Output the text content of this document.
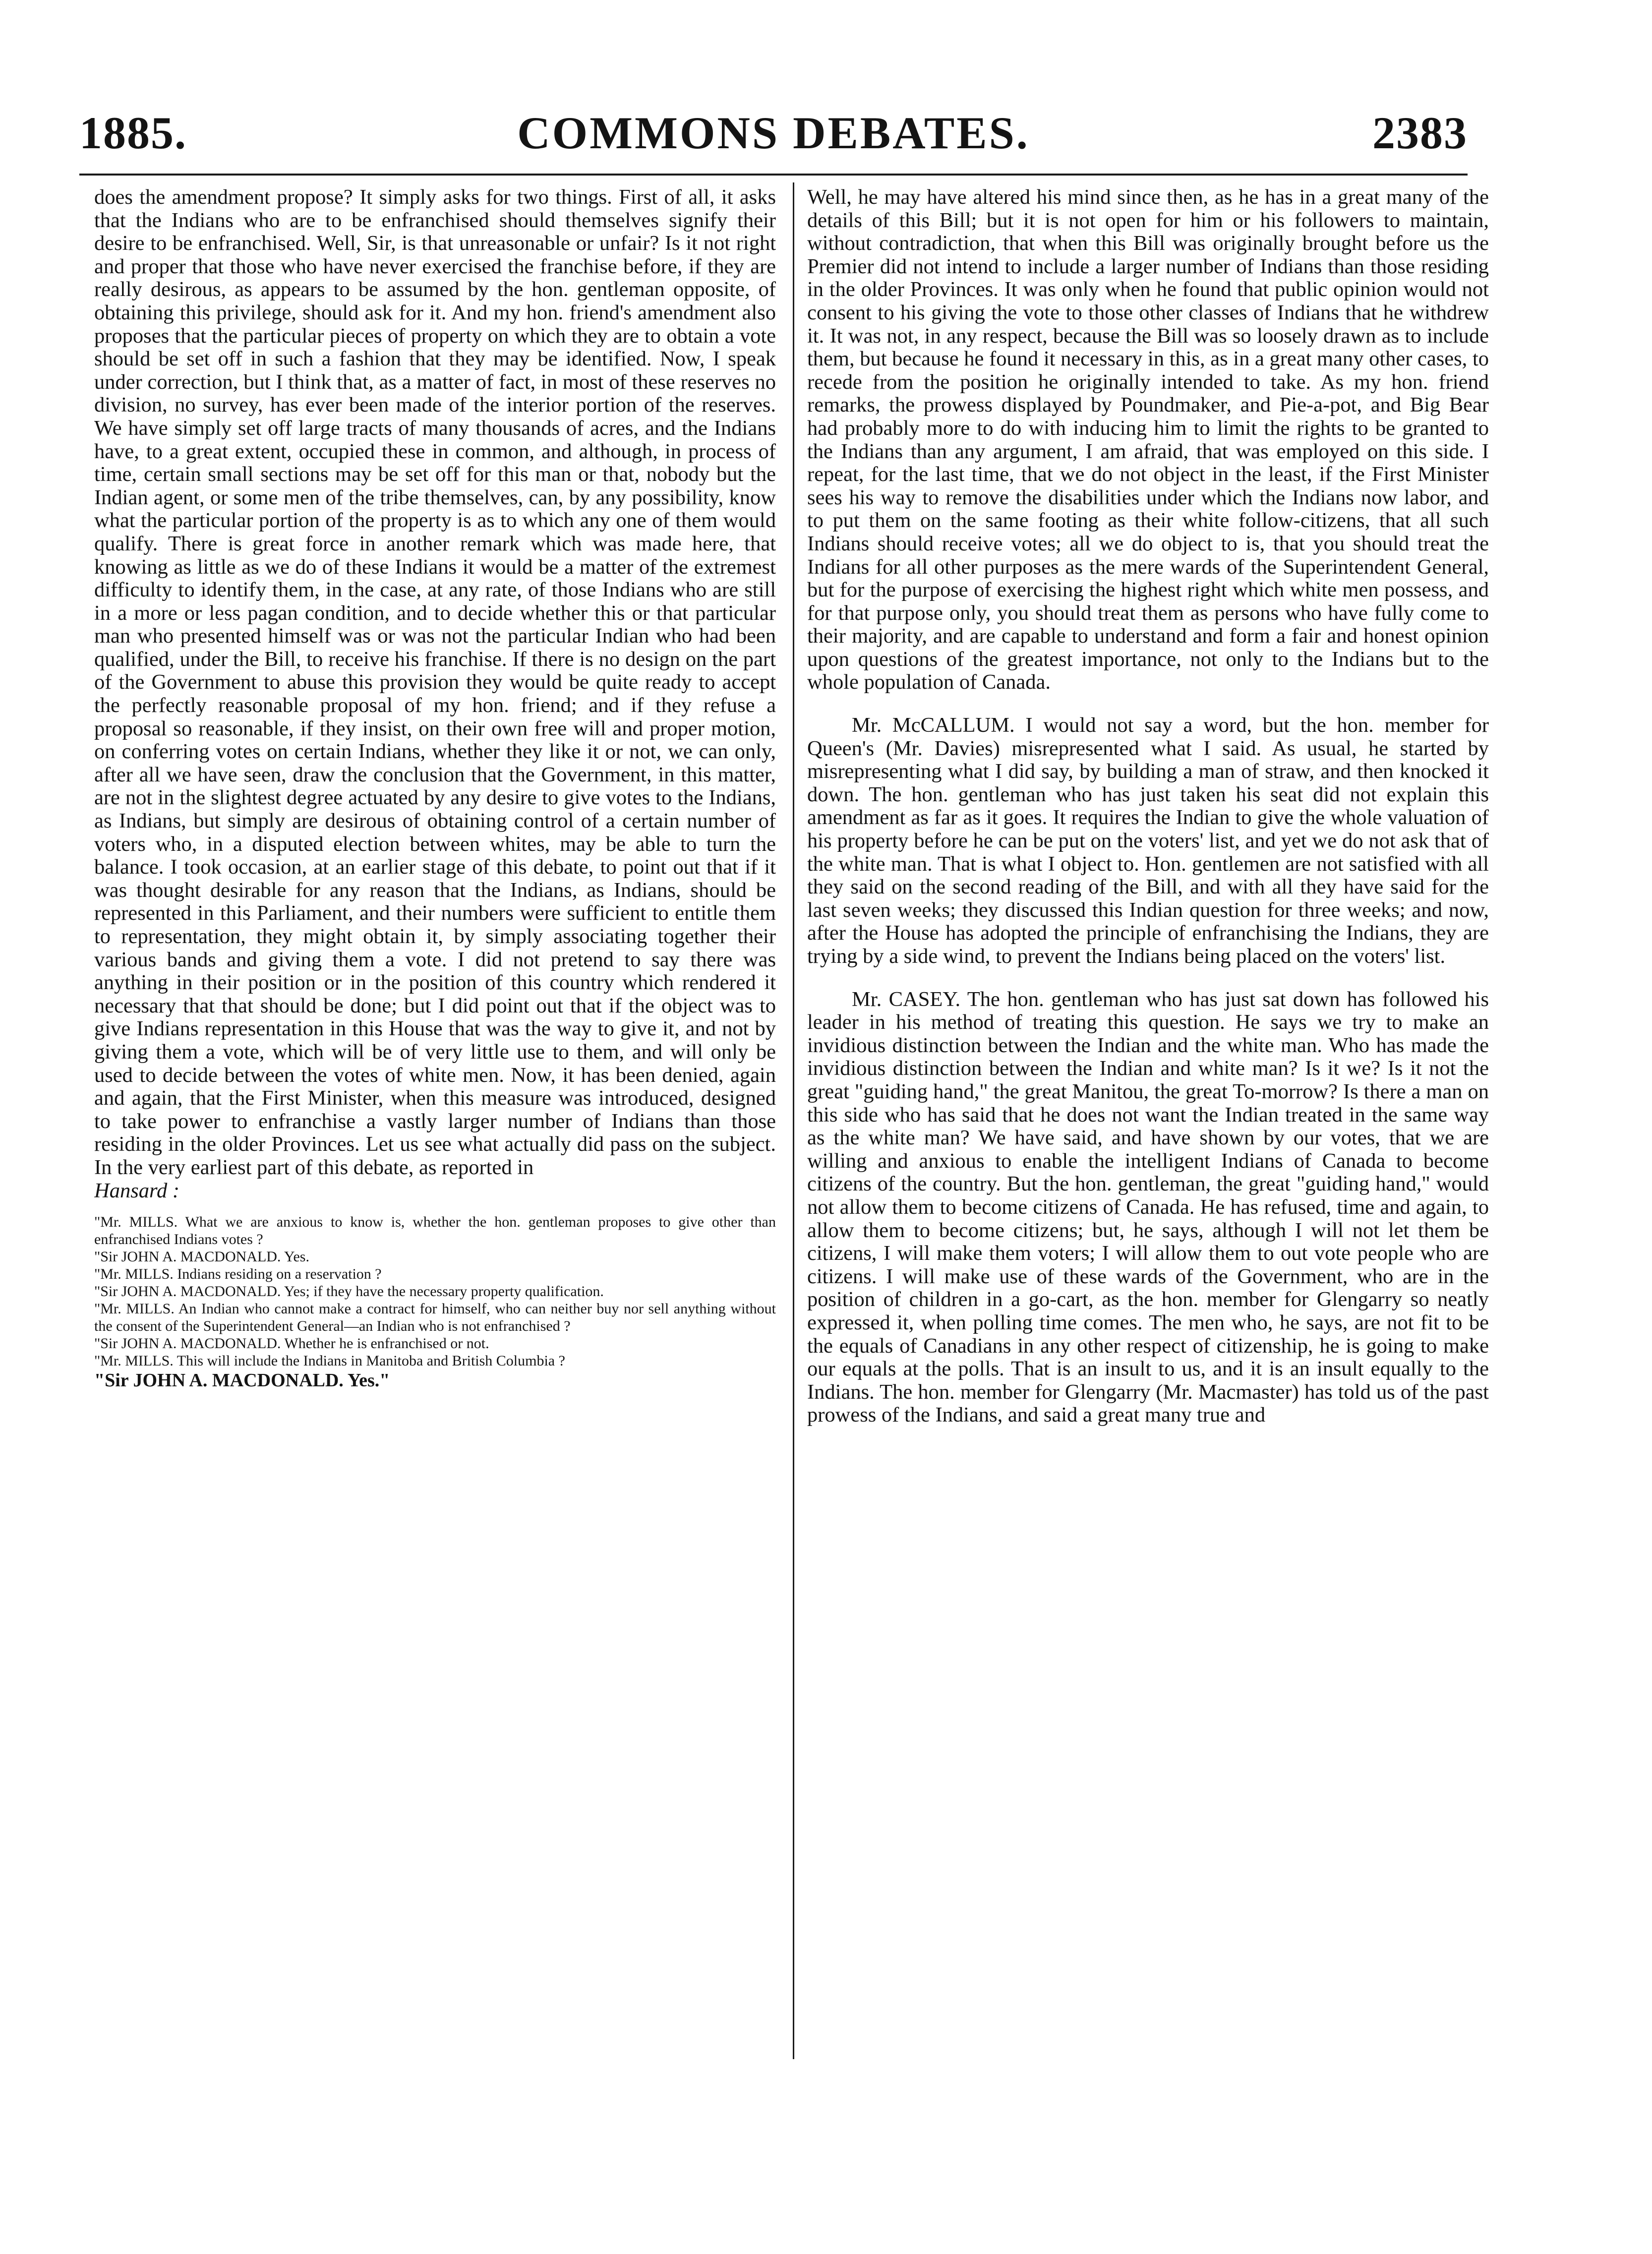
1885.	COMMONS DEBATES.	2383

does the amendment propose? It simply asks for two things. First of all, it asks that the Indians who are to be enfranchised should themselves signify their desire to be enfranchised. Well, Sir, is that unreasonable or unfair? Is it not right and proper that those who have never exercised the franchise before, if they are really desirous, as appears to be assumed by the hon. gentleman opposite, of obtaining this privilege, should ask for it. And my hon. friend's amendment also proposes that the particular pieces of property on which they are to obtain a vote should be set off in such a fashion that they may be identified. Now, I speak under correction, but I think that, as a matter of fact, in most of these reserves no division, no survey, has ever been made of the interior portion of the reserves. We have simply set off large tracts of many thousands of acres, and the Indians have, to a great extent, occupied these in common, and although, in process of time, certain small sections may be set off for this man or that, nobody but the Indian agent, or some men of the tribe themselves, can, by any possibility, know what the particular portion of the property is as to which any one of them would qualify. There is great force in another remark which was made here, that knowing as little as we do of these Indians it would be a matter of the extremest difficulty to identify them, in the case, at any rate, of those Indians who are still in a more or less pagan condition, and to decide whether this or that particular man who presented himself was or was not the particular Indian who had been qualified, under the Bill, to receive his franchise. If there is no design on the part of the Government to abuse this provision they would be quite ready to accept the perfectly reasonable proposal of my hon. friend; and if they refuse a proposal so reasonable, if they insist, on their own free will and proper motion, on conferring votes on certain Indians, whether they like it or not, we can only, after all we have seen, draw the conclusion that the Government, in this matter, are not in the slightest degree actuated by any desire to give votes to the Indians, as Indians, but simply are desirous of obtaining control of a certain number of voters who, in a disputed election between whites, may be able to turn the balance. I took occasion, at an earlier stage of this debate, to point out that if it was thought desirable for any reason that the Indians, as Indians, should be represented in this Parliament, and their numbers were sufficient to entitle them to representation, they might obtain it, by simply associating together their various bands and giving them a vote. I did not pretend to say there was anything in their position or in the position of this country which rendered it necessary that that should be done; but I did point out that if the object was to give Indians representation in this House that was the way to give it, and not by giving them a vote, which will be of very little use to them, and will only be used to decide between the votes of white men. Now, it has been denied, again and again, that the First Minister, when this measure was introduced, designed to take power to enfranchise a vastly larger number of Indians than those residing in the older Provinces. Let us see what actually did pass on the subject. In the very earliest part of this debate, as reported in

Hansard :

"Mr. MILLS. What we are anxious to know is, whether the hon. gentleman proposes to give other than enfranchised Indians votes ?

"Sir JOHN A. MACDONALD. Yes.

"Mr. MILLS. Indians residing on a reservation ?

"Sir JOHN A. MACDONALD. Yes; if they have the necessary property qualification.

"Mr. MILLS. An Indian who cannot make a contract for himself, who can neither buy nor sell anything without the consent of the Superintendent General—an Indian who is not enfranchised ?

"Sir JOHN A. MACDONALD. Whether he is enfranchised or not.

"Mr. MILLS. This will include the Indians in Manitoba and British Columbia ?

"Sir JOHN A. MACDONALD. Yes."

Well, he may have altered his mind since then, as he has in a great many of the details of this Bill; but it is not open for him or his followers to maintain, without contradiction, that when this Bill was originally brought before us the Premier did not intend to include a larger number of Indians than those residing in the older Provinces. It was only when he found that public opinion would not consent to his giving the vote to those other classes of Indians that he withdrew it. It was not, in any respect, because the Bill was so loosely drawn as to include them, but because he found it necessary in this, as in a great many other cases, to recede from the position he originally intended to take. As my hon. friend remarks, the prowess displayed by Poundmaker, and Pie-a-pot, and Big Bear had probably more to do with inducing him to limit the rights to be granted to the Indians than any argument, I am afraid, that was employed on this side. I repeat, for the last time, that we do not object in the least, if the First Minister sees his way to remove the disabilities under which the Indians now labor, and to put them on the same footing as their white follow-citizens, that all such Indians should receive votes; all we do object to is, that you should treat the Indians for all other purposes as the mere wards of the Superintendent General, but for the purpose of exercising the highest right which white men possess, and for that purpose only, you should treat them as persons who have fully come to their majority, and are capable to understand and form a fair and honest opinion upon questions of the greatest importance, not only to the Indians but to the whole population of Canada.

Mr. McCALLUM. I would not say a word, but the hon. member for Queen's (Mr. Davies) misrepresented what I said. As usual, he started by misrepresenting what I did say, by building a man of straw, and then knocked it down. The hon. gentleman who has just taken his seat did not explain this amendment as far as it goes. It requires the Indian to give the whole valuation of his property before he can be put on the voters' list, and yet we do not ask that of the white man. That is what I object to. Hon. gentlemen are not satisfied with all they said on the second reading of the Bill, and with all they have said for the last seven weeks; they discussed this Indian question for three weeks; and now, after the House has adopted the principle of enfranchising the Indians, they are trying by a side wind, to prevent the Indians being placed on the voters' list.

Mr. CASEY. The hon. gentleman who has just sat down has followed his leader in his method of treating this question. He says we try to make an invidious distinction between the Indian and the white man. Who has made the invidious distinction between the Indian and white man? Is it we? Is it not the great "guiding hand," the great Manitou, the great To-morrow? Is there a man on this side who has said that he does not want the Indian treated in the same way as the white man? We have said, and have shown by our votes, that we are willing and anxious to enable the intelligent Indians of Canada to become citizens of the country. But the hon. gentleman, the great "guiding hand," would not allow them to become citizens of Canada. He has refused, time and again, to allow them to become citizens; but, he says, although I will not let them be citizens, I will make them voters; I will allow them to out vote people who are citizens. I will make use of these wards of the Government, who are in the position of children in a go-cart, as the hon. member for Glengarry so neatly expressed it, when polling time comes. The men who, he says, are not fit to be the equals of Canadians in any other respect of citizenship, he is going to make our equals at the polls. That is an insult to us, and it is an insult equally to the Indians. The hon. member for Glengarry (Mr. Macmaster) has told us of the past prowess of the Indians, and said a great many true and
